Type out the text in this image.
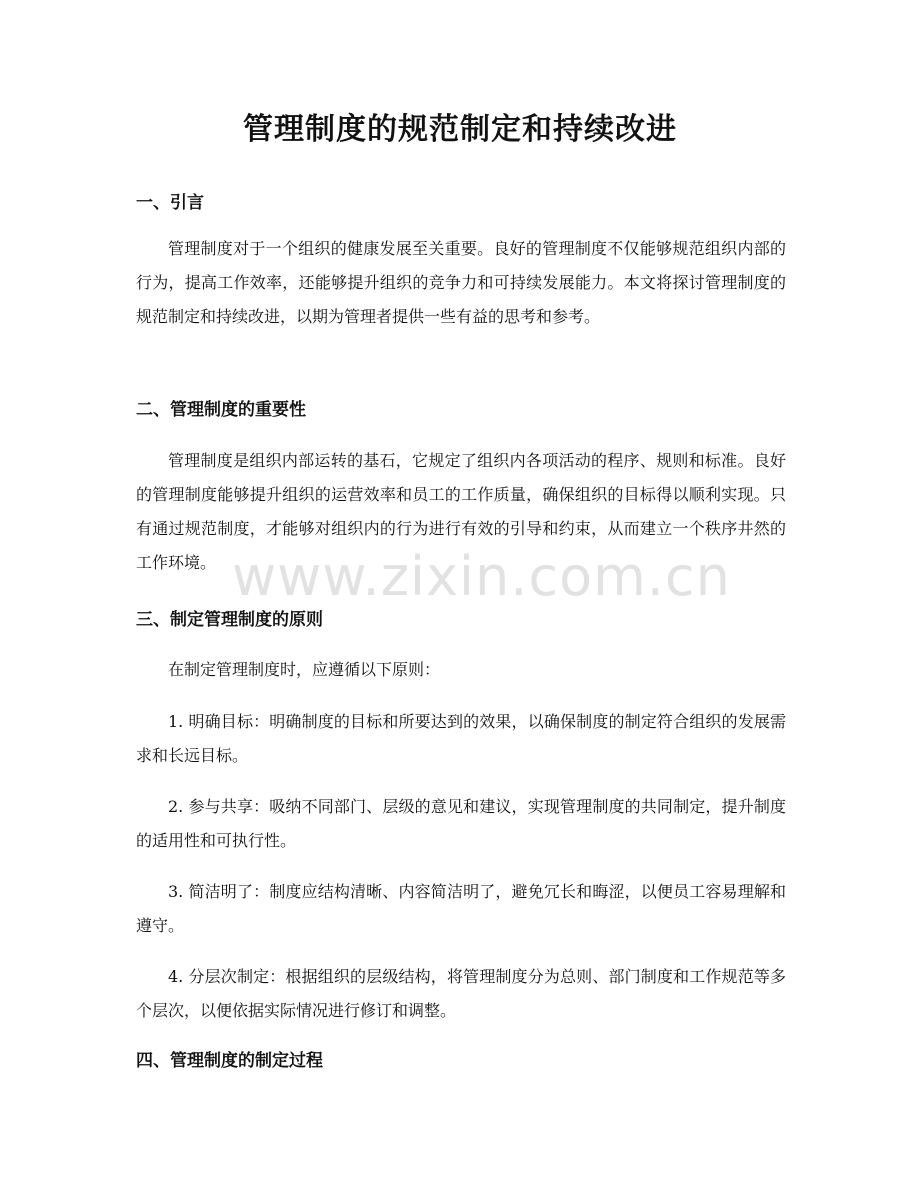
管理制度的规范制定和持续改进
一、引言

管理制度对于一个组织的健康发展至关重要。良好的管理制度不仅能够规范组织内部的行为，提高工作效率，还能够提升组织的竞争力和可持续发展能力。本文将探讨管理制度的规范制定和持续改进，以期为管理者提供一些有益的思考和参考。

二、管理制度的重要性

管理制度是组织内部运转的基石，它规定了组织内各项活动的程序、规则和标准。良好的管理制度能够提升组织的运营效率和员工的工作质量，确保组织的目标得以顺利实现。只有通过规范制度，才能够对组织内的行为进行有效的引导和约束，从而建立一个秩序井然的工作环境。

三、制定管理制度的原则

在制定管理制度时，应遵循以下原则：

1. 明确目标：明确制度的目标和所要达到的效果，以确保制度的制定符合组织的发展需求和长远目标。

2. 参与共享：吸纳不同部门、层级的意见和建议，实现管理制度的共同制定，提升制度的适用性和可执行性。

3. 简洁明了：制度应结构清晰、内容简洁明了，避免冗长和晦涩，以便员工容易理解和遵守。

4. 分层次制定：根据组织的层级结构，将管理制度分为总则、部门制度和工作规范等多个层次，以便依据实际情况进行修订和调整。

四、管理制度的制定过程
www.zixin.com.cn
